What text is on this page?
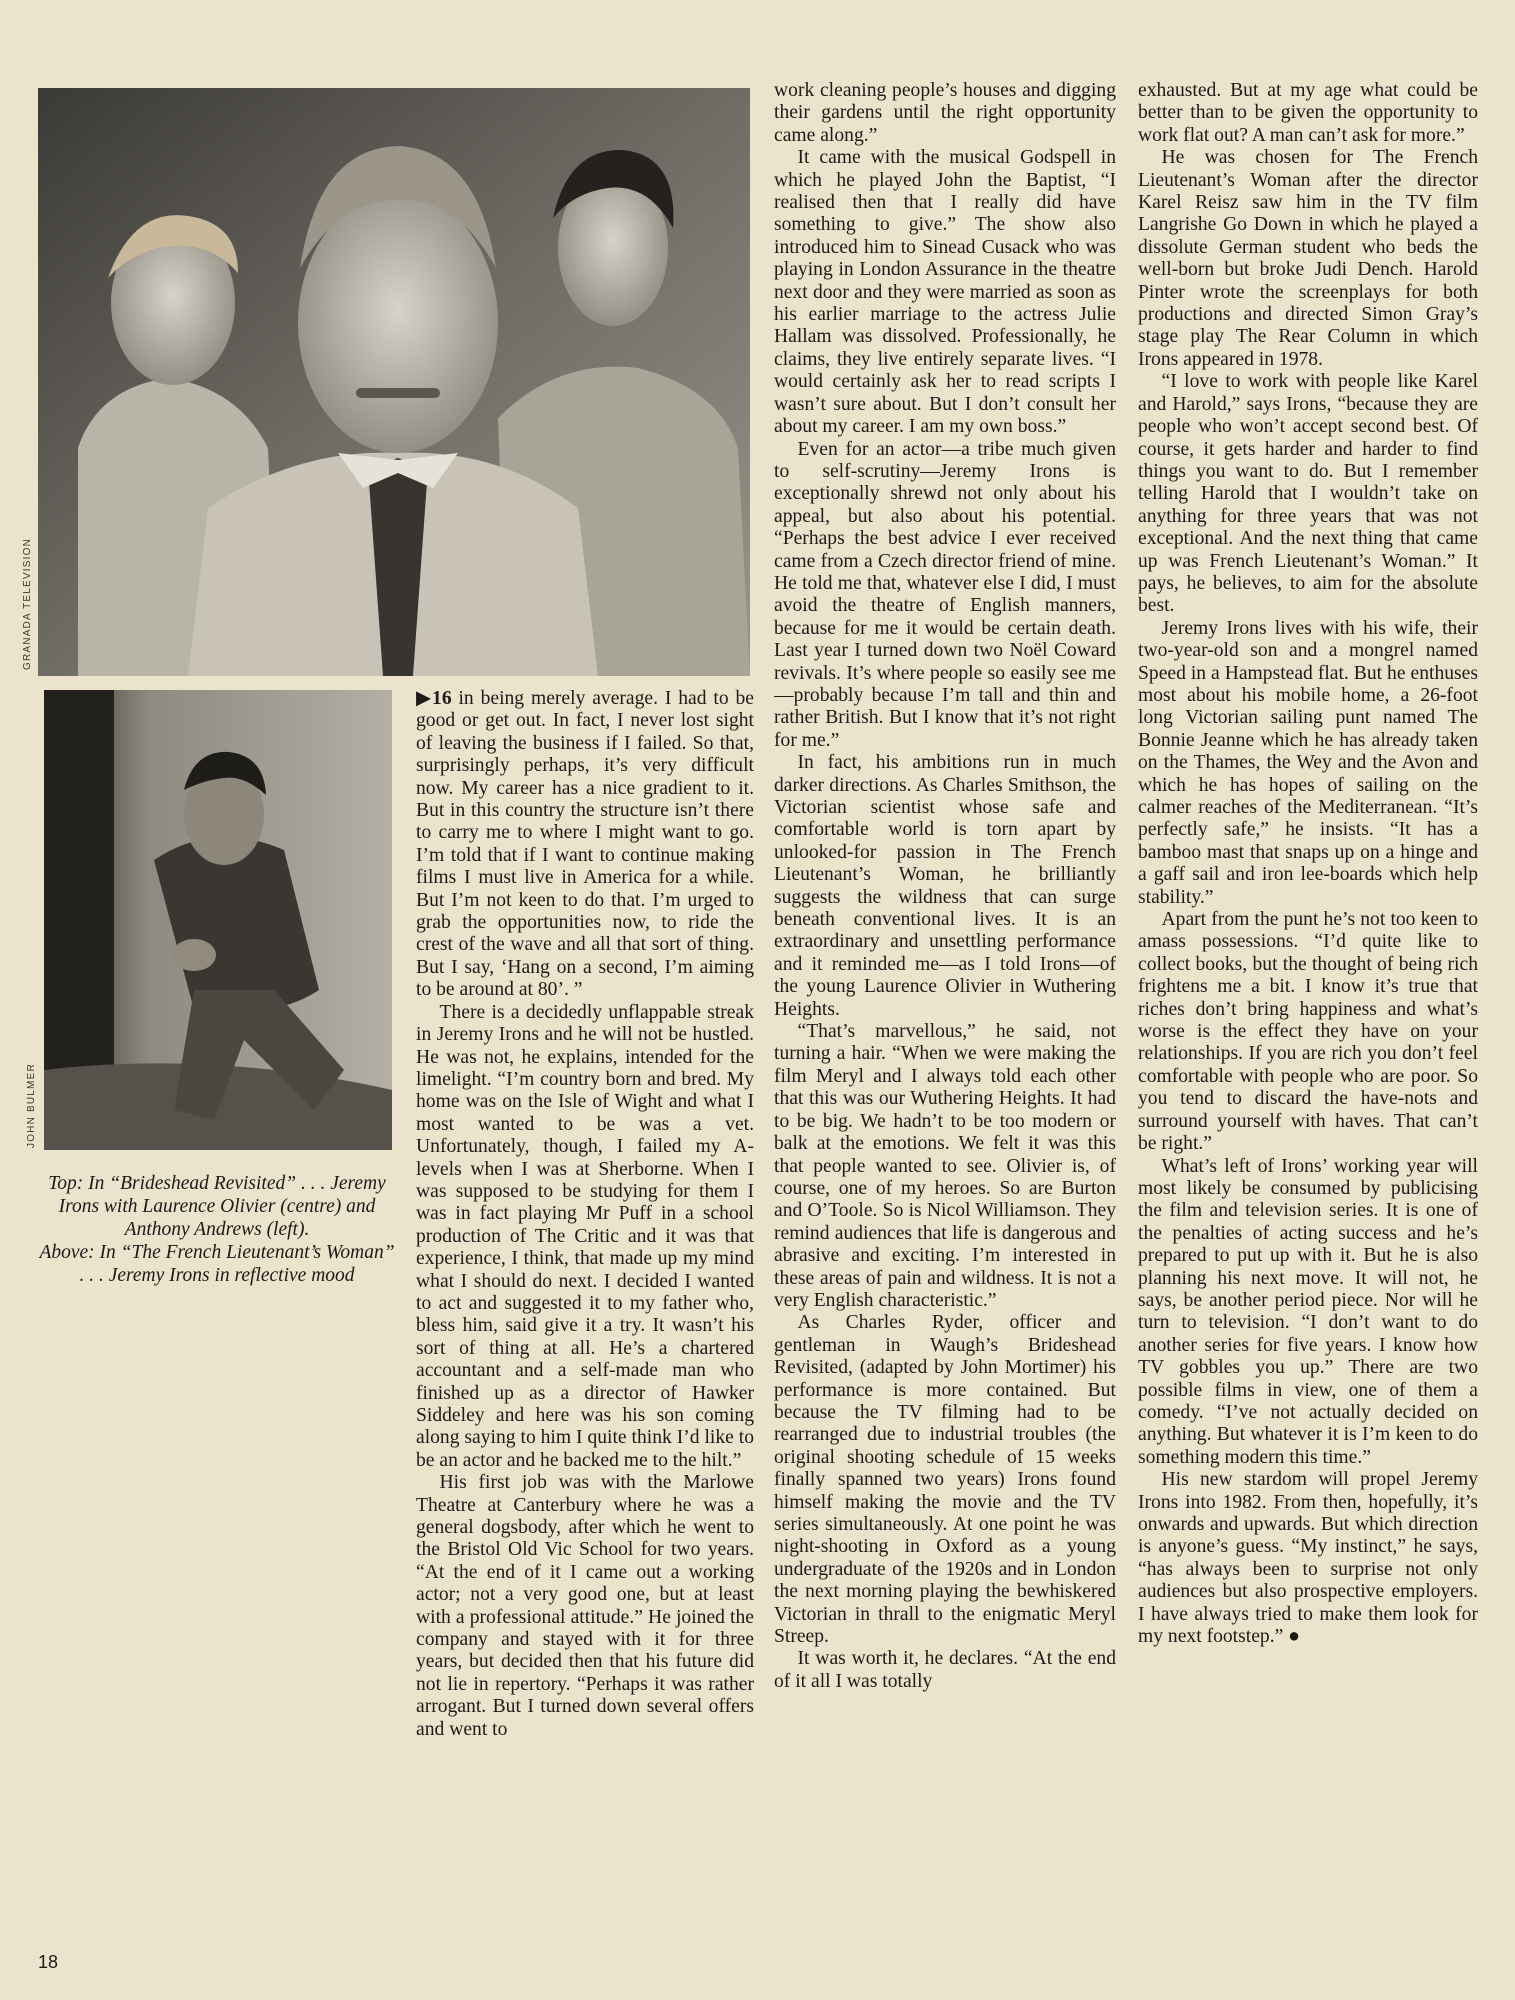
GRANADA TELEVISION
JOHN BULMER

Top: In “Brideshead Revisited” . . . Jeremy Irons with Laurence Olivier (centre) and Anthony Andrews (left).

Above: In “The French Lieutenant’s Woman” . . . Jeremy Irons in reflective mood

▶16 in being merely average. I had to be good or get out. In fact, I never lost sight of leaving the business if I failed. So that, surprisingly perhaps, it’s very difficult now. My career has a nice gradient to it. But in this country the structure isn’t there to carry me to where I might want to go. I’m told that if I want to continue making films I must live in America for a while. But I’m not keen to do that. I’m urged to grab the opportunities now, to ride the crest of the wave and all that sort of thing. But I say, ‘Hang on a second, I’m aiming to be around at 80’. ”

There is a decidedly unflappable streak in Jeremy Irons and he will not be hustled. He was not, he explains, intended for the limelight. “I’m country born and bred. My home was on the Isle of Wight and what I most wanted to be was a vet. Unfortunately, though, I failed my A-levels when I was at Sherborne. When I was supposed to be studying for them I was in fact playing Mr Puff in a school production of The Critic and it was that experience, I think, that made up my mind what I should do next. I decided I wanted to act and suggested it to my father who, bless him, said give it a try. It wasn’t his sort of thing at all. He’s a chartered accountant and a self-made man who finished up as a director of Hawker Siddeley and here was his son coming along saying to him I quite think I’d like to be an actor and he backed me to the hilt.”

His first job was with the Marlowe Theatre at Canterbury where he was a general dogsbody, after which he went to the Bristol Old Vic School for two years. “At the end of it I came out a working actor; not a very good one, but at least with a professional attitude.” He joined the company and stayed with it for three years, but decided then that his future did not lie in repertory. “Perhaps it was rather arrogant. But I turned down several offers and went to

work cleaning people’s houses and digging their gardens until the right opportunity came along.”

It came with the musical Godspell in which he played John the Baptist, “I realised then that I really did have something to give.” The show also introduced him to Sinead Cusack who was playing in London Assurance in the theatre next door and they were married as soon as his earlier marriage to the actress Julie Hallam was dissolved. Professionally, he claims, they live entirely separate lives. “I would certainly ask her to read scripts I wasn’t sure about. But I don’t consult her about my career. I am my own boss.”

Even for an actor—a tribe much given to self-scrutiny—Jeremy Irons is exceptionally shrewd not only about his appeal, but also about his potential. “Perhaps the best advice I ever received came from a Czech director friend of mine. He told me that, whatever else I did, I must avoid the theatre of English manners, because for me it would be certain death. Last year I turned down two Noël Coward revivals. It’s where people so easily see me—probably because I’m tall and thin and rather British. But I know that it’s not right for me.”

In fact, his ambitions run in much darker directions. As Charles Smithson, the Victorian scientist whose safe and comfortable world is torn apart by unlooked-for passion in The French Lieutenant’s Woman, he brilliantly suggests the wildness that can surge beneath conventional lives. It is an extraordinary and unsettling performance and it reminded me—as I told Irons—of the young Laurence Olivier in Wuthering Heights.

“That’s marvellous,” he said, not turning a hair. “When we were making the film Meryl and I always told each other that this was our Wuthering Heights. It had to be big. We hadn’t to be too modern or balk at the emotions. We felt it was this that people wanted to see. Olivier is, of course, one of my heroes. So are Burton and O’Toole. So is Nicol Williamson. They remind audiences that life is dangerous and abrasive and exciting. I’m interested in these areas of pain and wildness. It is not a very English characteristic.”

As Charles Ryder, officer and gentleman in Waugh’s Brideshead Revisited, (adapted by John Mortimer) his performance is more contained. But because the TV filming had to be rearranged due to industrial troubles (the original shooting schedule of 15 weeks finally spanned two years) Irons found himself making the movie and the TV series simultaneously. At one point he was night-shooting in Oxford as a young undergraduate of the 1920s and in London the next morning playing the bewhiskered Victorian in thrall to the enigmatic Meryl Streep.

It was worth it, he declares. “At the end of it all I was totally

exhausted. But at my age what could be better than to be given the opportunity to work flat out? A man can’t ask for more.”

He was chosen for The French Lieutenant’s Woman after the director Karel Reisz saw him in the TV film Langrishe Go Down in which he played a dissolute German student who beds the well-born but broke Judi Dench. Harold Pinter wrote the screenplays for both productions and directed Simon Gray’s stage play The Rear Column in which Irons appeared in 1978.

“I love to work with people like Karel and Harold,” says Irons, “because they are people who won’t accept second best. Of course, it gets harder and harder to find things you want to do. But I remember telling Harold that I wouldn’t take on anything for three years that was not exceptional. And the next thing that came up was French Lieutenant’s Woman.” It pays, he believes, to aim for the absolute best.

Jeremy Irons lives with his wife, their two-year-old son and a mongrel named Speed in a Hampstead flat. But he enthuses most about his mobile home, a 26-foot long Victorian sailing punt named The Bonnie Jeanne which he has already taken on the Thames, the Wey and the Avon and which he has hopes of sailing on the calmer reaches of the Mediterranean. “It’s perfectly safe,” he insists. “It has a bamboo mast that snaps up on a hinge and a gaff sail and iron lee-boards which help stability.”

Apart from the punt he’s not too keen to amass possessions. “I’d quite like to collect books, but the thought of being rich frightens me a bit. I know it’s true that riches don’t bring happiness and what’s worse is the effect they have on your relationships. If you are rich you don’t feel comfortable with people who are poor. So you tend to discard the have-nots and surround yourself with haves. That can’t be right.”

What’s left of Irons’ working year will most likely be consumed by publicising the film and television series. It is one of the penalties of acting success and he’s prepared to put up with it. But he is also planning his next move. It will not, he says, be another period piece. Nor will he turn to television. “I don’t want to do another series for five years. I know how TV gobbles you up.” There are two possible films in view, one of them a comedy. “I’ve not actually decided on anything. But whatever it is I’m keen to do something modern this time.”

His new stardom will propel Jeremy Irons into 1982. From then, hopefully, it’s onwards and upwards. But which direction is anyone’s guess. “My instinct,” he says, “has always been to surprise not only audiences but also prospective employers. I have always tried to make them look for my next footstep.” ●

18
